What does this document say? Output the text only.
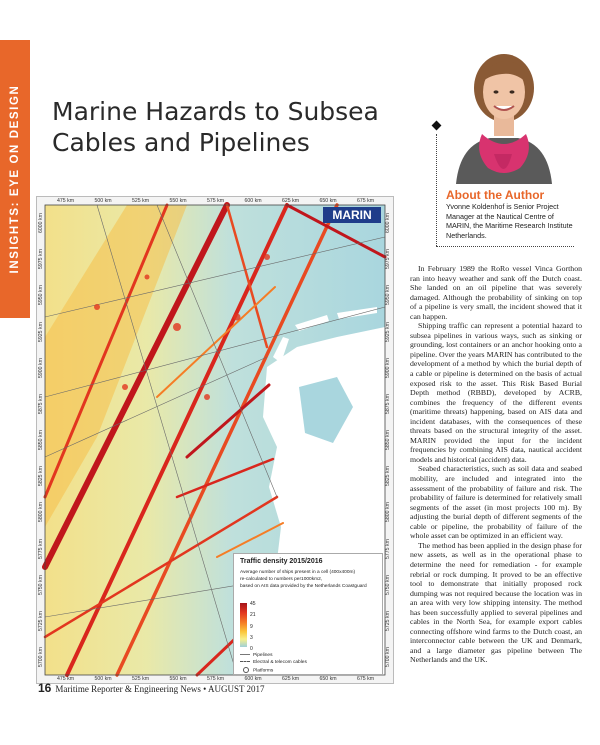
INSIGHTS: EYE ON DESIGN Marine Hazards to Subsea Cables and Pipelines
About the Author

Yvonne Koldenhof is Senior Project Manager at the Nautical Centre of MARIN, the Maritime Research Institute Netherlands.

MARIN

Traffic density 2015/2016

Average number of ships present in a cell (400x400m)
re-calculated to numbers per1000km2,
based on AIS data provided by the Netherlands Coastguard
45
21
9
3
0
Pipelines
Electral & telecom cables
Platforms
475 km
475 km
500 km
500 km
525 km
525 km
550 km
550 km
575 km
575 km
600 km
600 km
625 km
625 km
650 km
650 km
675 km
675 km
6000 km	6000 km
5975 km	5975 km
5950 km	5950 km
5925 km	5925 km
5900 km	5900 km
5875 km	5875 km
5850 km	5850 km
5825 km	5825 km
5800 km	5800 km
5775 km	5775 km
5750 km	5750 km
5725 km	5725 km
5700 km	5700 km

In February 1989 the RoRo vessel Vinca Gorthon ran into heavy weather and sank off the Dutch coast. She landed on an oil pipeline that was severely damaged. Although the probability of sinking on top of a pipeline is very small, the incident showed that it can happen.

Shipping traffic can represent a potential hazard to subsea pipelines in various ways, such as sinking or grounding, lost containers or an anchor hooking onto a pipeline. Over the years MARIN has contributed to the development of a method by which the burial depth of a cable or pipeline is determined on the basis of actual exposed risk to the asset. This Risk Based Burial Depth method (RBBD), developed by ACRB, combines the frequency of the different events (maritime threats) happening, based on AIS data and incident databases, with the consequences of these threats based on the structural integrity of the asset. MARIN provided the input for the incident frequencies by combining AIS data, nautical accident models and historical (accident) data.

Seabed characteristics, such as soil data and seabed mobility, are included and integrated into the assessment of the probability of failure and risk. The probability of failure is determined for relatively small segments of the asset (in most projects 100 m). By adjusting the burial depth of different segments of the cable or pipeline, the probability of failure of the whole asset can be optimized in an efficient way.

The method has been applied in the design phase for new assets, as well as in the operational phase to determine the need for remediation - for example rebrial or rock dumping. It proved to be an effective tool to demonstrate that initially proposed rock dumping was not required because the location was in an area with very low shipping intensity. The method has been successfully applied to several pipelines and cables in the North Sea, for example export cables connecting offshore wind farms to the Dutch coast, an interconnector cable between the UK and Denmark, and a large diameter gas pipeline between The Netherlands and the UK.

16 Maritime Reporter & Engineering News • AUGUST 2017
